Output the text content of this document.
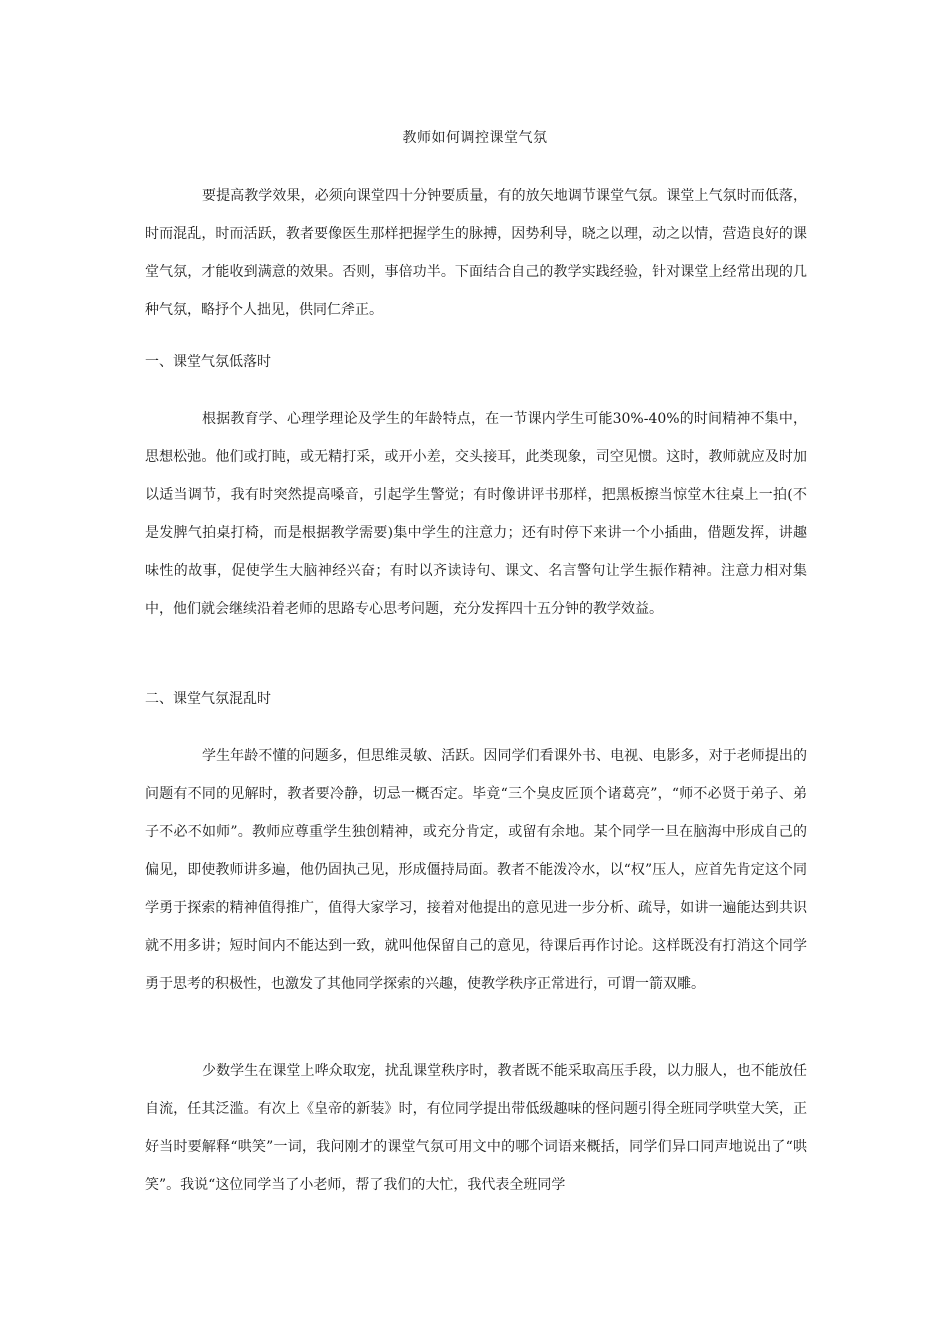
教师如何调控课堂气氛

要提高教学效果，必须向课堂四十分钟要质量，有的放矢地调节课堂气氛。课堂上气氛时而低落，时而混乱，时而活跃，教者要像医生那样把握学生的脉搏，因势利导，晓之以理，动之以情，营造良好的课堂气氛，才能收到满意的效果。否则，事倍功半。下面结合自己的教学实践经验，针对课堂上经常出现的几种气氛，略抒个人拙见，供同仁斧正。

一、课堂气氛低落时

根据教育学、心理学理论及学生的年龄特点，在一节课内学生可能30%-40%的时间精神不集中，思想松弛。他们或打盹，或无精打采，或开小差，交头接耳，此类现象，司空见惯。这时，教师就应及时加以适当调节，我有时突然提高嗓音，引起学生警觉；有时像讲评书那样，把黑板擦当惊堂木往桌上一拍(不是发脾气拍桌打椅，而是根据教学需要)集中学生的注意力；还有时停下来讲一个小插曲，借题发挥，讲趣味性的故事，促使学生大脑神经兴奋；有时以齐读诗句、课文、名言警句让学生振作精神。注意力相对集中，他们就会继续沿着老师的思路专心思考问题，充分发挥四十五分钟的教学效益。

二、课堂气氛混乱时

学生年龄不懂的问题多，但思维灵敏、活跃。因同学们看课外书、电视、电影多，对于老师提出的问题有不同的见解时，教者要冷静，切忌一概否定。毕竟“三个臭皮匠顶个诸葛亮”，“师不必贤于弟子、弟子不必不如师”。教师应尊重学生独创精神，或充分肯定，或留有余地。某个同学一旦在脑海中形成自己的偏见，即使教师讲多遍，他仍固执己见，形成僵持局面。教者不能泼冷水，以“权”压人，应首先肯定这个同学勇于探索的精神值得推广，值得大家学习，接着对他提出的意见进一步分析、疏导，如讲一遍能达到共识就不用多讲；短时间内不能达到一致，就叫他保留自己的意见，待课后再作讨论。这样既没有打消这个同学勇于思考的积极性，也激发了其他同学探索的兴趣，使教学秩序正常进行，可谓一箭双雕。

少数学生在课堂上哗众取宠，扰乱课堂秩序时，教者既不能采取高压手段，以力服人，也不能放任自流，任其泛滥。有次上《皇帝的新装》时，有位同学提出带低级趣味的怪问题引得全班同学哄堂大笑，正好当时要解释“哄笑”一词，我问刚才的课堂气氛可用文中的哪个词语来概括，同学们异口同声地说出了“哄笑”。我说“这位同学当了小老师，帮了我们的大忙，我代表全班同学
